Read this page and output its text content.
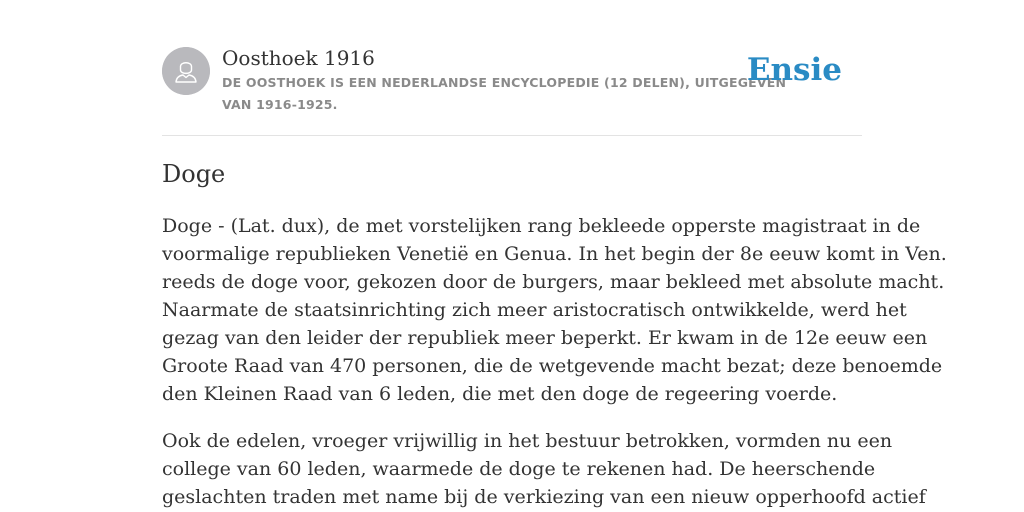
Oosthoek 1916
DE OOSTHOEK IS EEN NEDERLANDSE ENCYCLOPEDIE (12 DELEN), UITGEGEVEN
VAN 1916-1925.
Ensie
Doge

Doge - (Lat. dux), de met vorstelijken rang bekleede opperste magistraat in de
voormalige republieken Venetië en Genua. In het begin der 8e eeuw komt in Ven.
reeds de doge voor, gekozen door de burgers, maar bekleed met absolute macht.
Naarmate de staatsinrichting zich meer aristocratisch ontwikkelde, werd het
gezag van den leider der republiek meer beperkt. Er kwam in de 12e eeuw een
Groote Raad van 470 personen, die de wetgevende macht bezat; deze benoemde
den Kleinen Raad van 6 leden, die met den doge de regeering voerde.

Ook de edelen, vroeger vrijwillig in het bestuur betrokken, vormden nu een
college van 60 leden, waarmede de doge te rekenen had. De heerschende
geslachten traden met name bij de verkiezing van een nieuw opperhoofd actief
